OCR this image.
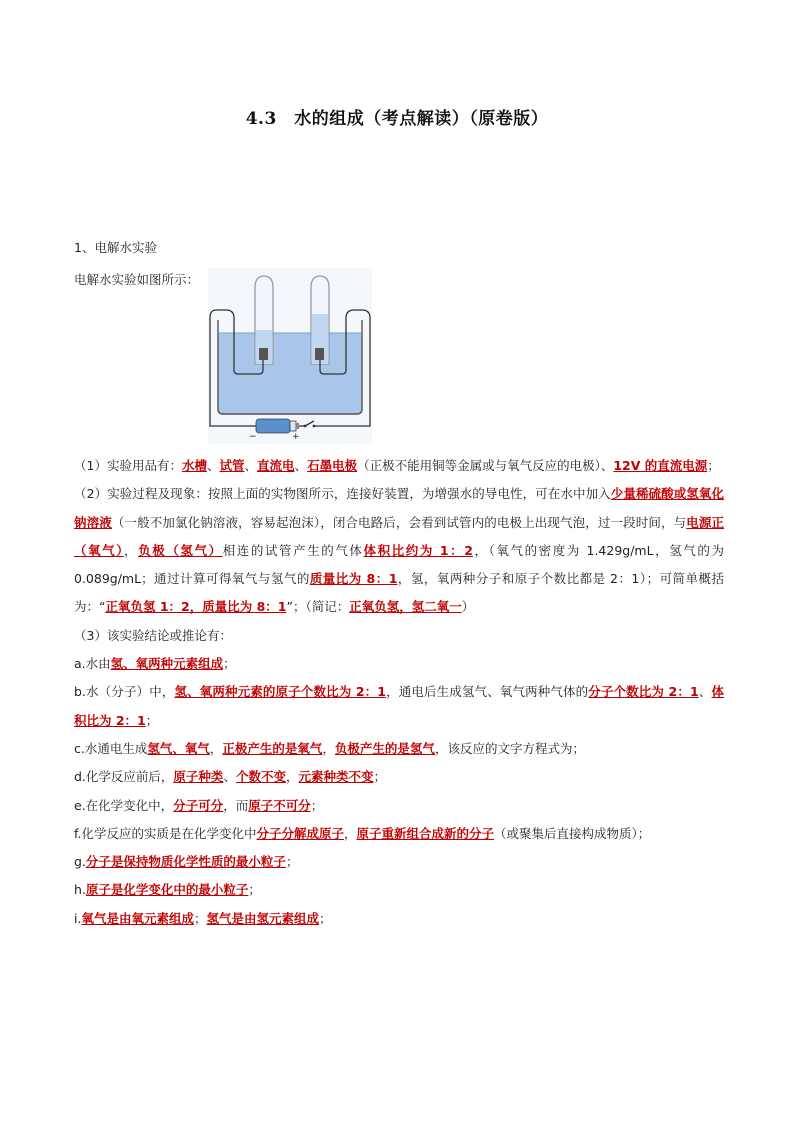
4.3　水的组成（考点解读）（原卷版）
1、电解水实验
电解水实验如图所示：
−	+

（1）实验用品有：水槽、试管、直流电、石墨电极（正极不能用铜等金属或与氧气反应的电极）、12V 的直流电源；

（2）实验过程及现象：按照上面的实物图所示，连接好装置，为增强水的导电性，可在水中加入少量稀硫酸或氢氧化钠溶液（一般不加氯化钠溶液，容易起泡沫），闭合电路后，会看到试管内的电极上出现气泡，过一段时间，与电源正（氧气），负极（氢气）相连的试管产生的气体体积比约为 1：2，（氧气的密度为 1.429g/mL，氢气的为 0.089g/mL；通过计算可得氧气与氢气的质量比为 8：1，氢，氧两种分子和原子个数比都是 2：1）；可简单概括为：“正氧负氢 1：2，质量比为 8：1”；（简记：正氧负氢，氢二氧一）

（3）该实验结论或推论有：

a.水由氢、氧两种元素组成；

b.水（分子）中，氢、氧两种元素的原子个数比为 2：1，通电后生成氢气、氧气两种气体的分子个数比为 2：1、体积比为 2：1；

c.水通电生成氢气、氧气，正极产生的是氧气，负极产生的是氢气，该反应的文字方程式为；

d.化学反应前后，原子种类、个数不变，元素种类不变；

e.在化学变化中，分子可分，而原子不可分；

f.化学反应的实质是在化学变化中分子分解成原子，原子重新组合成新的分子（或聚集后直接构成物质）；

g.分子是保持物质化学性质的最小粒子；

h.原子是化学变化中的最小粒子；

i.氧气是由氧元素组成；氢气是由氢元素组成；
